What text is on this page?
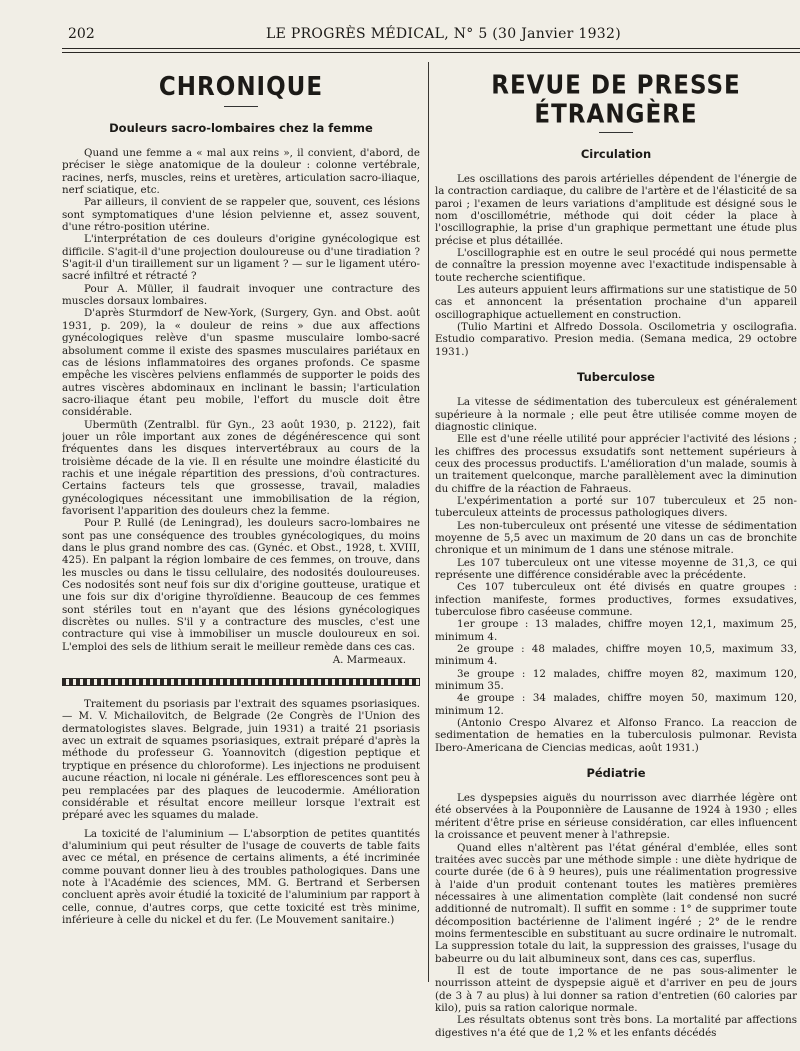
202	LE PROGRÈS MÉDICAL, N° 5 (30 Janvier 1932)
CHRONIQUE
Douleurs sacro-lombaires chez la femme

Quand une femme a « mal aux reins », il convient, d'abord, de préciser le siège anatomique de la douleur : colonne vertébrale, racines, nerfs, muscles, reins et uretères, articulation sacro-iliaque, nerf sciatique, etc.

Par ailleurs, il convient de se rappeler que, souvent, ces lésions sont symptomatiques d'une lésion pelvienne et, assez souvent, d'une rétro-position utérine.

L'interprétation de ces douleurs d'origine gynécologique est difficile. S'agit-il d'une projection douloureuse ou d'une tiradiation ? S'agit-il d'un tiraillement sur un ligament ? — sur le ligament utéro-sacré infiltré et rétracté ?

Pour A. Müller, il faudrait invoquer une contracture des muscles dorsaux lombaires.

D'après Sturmdorf de New-York, (Surgery, Gyn. and Obst. août 1931, p. 209), la « douleur de reins » due aux affections gynécologiques relève d'un spasme musculaire lombo-sacré absolument comme il existe des spasmes musculaires pariétaux en cas de lésions inflammatoires des organes profonds. Ce spasme empêche les viscères pelviens enflammés de supporter le poids des autres viscères abdominaux en inclinant le bassin; l'articulation sacro-iliaque étant peu mobile, l'effort du muscle doit être considérable.

Ubermüth (Zentralbl. für Gyn., 23 août 1930, p. 2122), fait jouer un rôle important aux zones de dégénérescence qui sont fréquentes dans les disques intervertébraux au cours de la troisième décade de la vie. Il en résulte une moindre élasticité du rachis et une inégale répartition des pressions, d'où contractures. Certains facteurs tels que grossesse, travail, maladies gynécologiques nécessitant une immobilisation de la région, favorisent l'apparition des douleurs chez la femme.

Pour P. Rullé (de Leningrad), les douleurs sacro-lombaires ne sont pas une conséquence des troubles gynécologiques, du moins dans le plus grand nombre des cas. (Gynéc. et Obst., 1928, t. XVIII, 425). En palpant la région lombaire de ces femmes, on trouve, dans les muscles ou dans le tissu cellulaire, des nodosités douloureuses. Ces nodosités sont neuf fois sur dix d'origine goutteuse, uratique et une fois sur dix d'origine thyroïdienne. Beaucoup de ces femmes sont stériles tout en n'ayant que des lésions gynécologiques discrètes ou nulles. S'il y a contracture des muscles, c'est une contracture qui vise à immobiliser un muscle douloureux en soi. L'emploi des sels de lithium serait le meilleur remède dans ces cas.

A. Marmeaux.

Traitement du psoriasis par l'extrait des squames psoriasiques. — M. V. Michailovitch, de Belgrade (2e Congrès de l'Union des dermatologistes slaves. Belgrade, juin 1931) a traité 21 psoriasis avec un extrait de squames psoriasiques, extrait préparé d'après la méthode du professeur G. Yoannovitch (digestion peptique et tryptique en présence du chloroforme). Les injections ne produisent aucune réaction, ni locale ni générale. Les efflorescences sont peu à peu remplacées par des plaques de leucodermie. Amélioration considérable et résultat encore meilleur lorsque l'extrait est préparé avec les squames du malade.

La toxicité de l'aluminium — L'absorption de petites quantités d'aluminium qui peut résulter de l'usage de couverts de table faits avec ce métal, en présence de certains aliments, a été incriminée comme pouvant donner lieu à des troubles pathologiques. Dans une note à l'Académie des sciences, MM. G. Bertrand et Serbersen concluent après avoir étudié la toxicité de l'aluminium par rapport à celle, connue, d'autres corps, que cette toxicité est très minime, inférieure à celle du nickel et du fer. (Le Mouvement sanitaire.)

REVUE DE PRESSE ÉTRANGÈRE
Circulation

Les oscillations des parois artérielles dépendent de l'énergie de la contraction cardiaque, du calibre de l'artère et de l'élasticité de sa paroi ; l'examen de leurs variations d'amplitude est désigné sous le nom d'oscillométrie, méthode qui doit céder la place à l'oscillographie, la prise d'un graphique permettant une étude plus précise et plus détaillée.

L'oscillographie est en outre le seul procédé qui nous permette de connaître la pression moyenne avec l'exactitude indispensable à toute recherche scientifique.

Les auteurs appuient leurs affirmations sur une statistique de 50 cas et annoncent la présentation prochaine d'un appareil oscillographique actuellement en construction.

(Tulio Martini et Alfredo Dossola. Oscilometria y oscilografia. Estudio comparativo. Presion media. (Semana medica, 29 octobre 1931.)

Tuberculose

La vitesse de sédimentation des tuberculeux est généralement supérieure à la normale ; elle peut être utilisée comme moyen de diagnostic clinique.

Elle est d'une réelle utilité pour apprécier l'activité des lésions ; les chiffres des processus exsudatifs sont nettement supérieurs à ceux des processus productifs. L'amélioration d'un malade, soumis à un traitement quelconque, marche parallèlement avec la diminution du chiffre de la réaction de Fahraeus.

L'expérimentation a porté sur 107 tuberculeux et 25 non-tuberculeux atteints de processus pathologiques divers.

Les non-tuberculeux ont présenté une vitesse de sédimentation moyenne de 5,5 avec un maximum de 20 dans un cas de bronchite chronique et un minimum de 1 dans une sténose mitrale.

Les 107 tuberculeux ont une vitesse moyenne de 31,3, ce qui représente une différence considérable avec la précédente.

Ces 107 tuberculeux ont été divisés en quatre groupes : infection manifeste, formes productives, formes exsudatives, tuberculose fibro caséeuse commune.

1er groupe : 13 malades, chiffre moyen 12,1, maximum 25, minimum 4.

2e groupe : 48 malades, chiffre moyen 10,5, maximum 33, minimum 4.

3e groupe : 12 malades, chiffre moyen 82, maximum 120, minimum 35.

4e groupe : 34 malades, chiffre moyen 50, maximum 120, minimum 12.

(Antonio Crespo Alvarez et Alfonso Franco. La reaccion de sedimentation de hematies en la tuberculosis pulmonar. Revista Ibero-Americana de Ciencias medicas, août 1931.)

Pédiatrie

Les dyspepsies aiguës du nourrisson avec diarrhée légère ont été observées à la Pouponnière de Lausanne de 1924 à 1930 ; elles méritent d'être prise en sérieuse considération, car elles influencent la croissance et peuvent mener à l'athrepsie.

Quand elles n'altèrent pas l'état général d'emblée, elles sont traitées avec succès par une méthode simple : une diète hydrique de courte durée (de 6 à 9 heures), puis une réalimentation progressive à l'aide d'un produit contenant toutes les matières premières nécessaires à une alimentation complète (lait condensé non sucré additionné de nutromalt). Il suffit en somme : 1° de supprimer toute décomposition bactérienne de l'aliment ingéré ; 2° de le rendre moins fermentescible en substituant au sucre ordinaire le nutromalt. La suppression totale du lait, la suppression des graisses, l'usage du babeurre ou du lait albumineux sont, dans ces cas, superflus.

Il est de toute importance de ne pas sous-alimenter le nourrisson atteint de dyspepsie aiguë et d'arriver en peu de jours (de 3 à 7 au plus) à lui donner sa ration d'entretien (60 calories par kilo), puis sa ration calorique normale.

Les résultats obtenus sont très bons. La mortalité par affections digestives n'a été que de 1,2 % et les enfants décédés
